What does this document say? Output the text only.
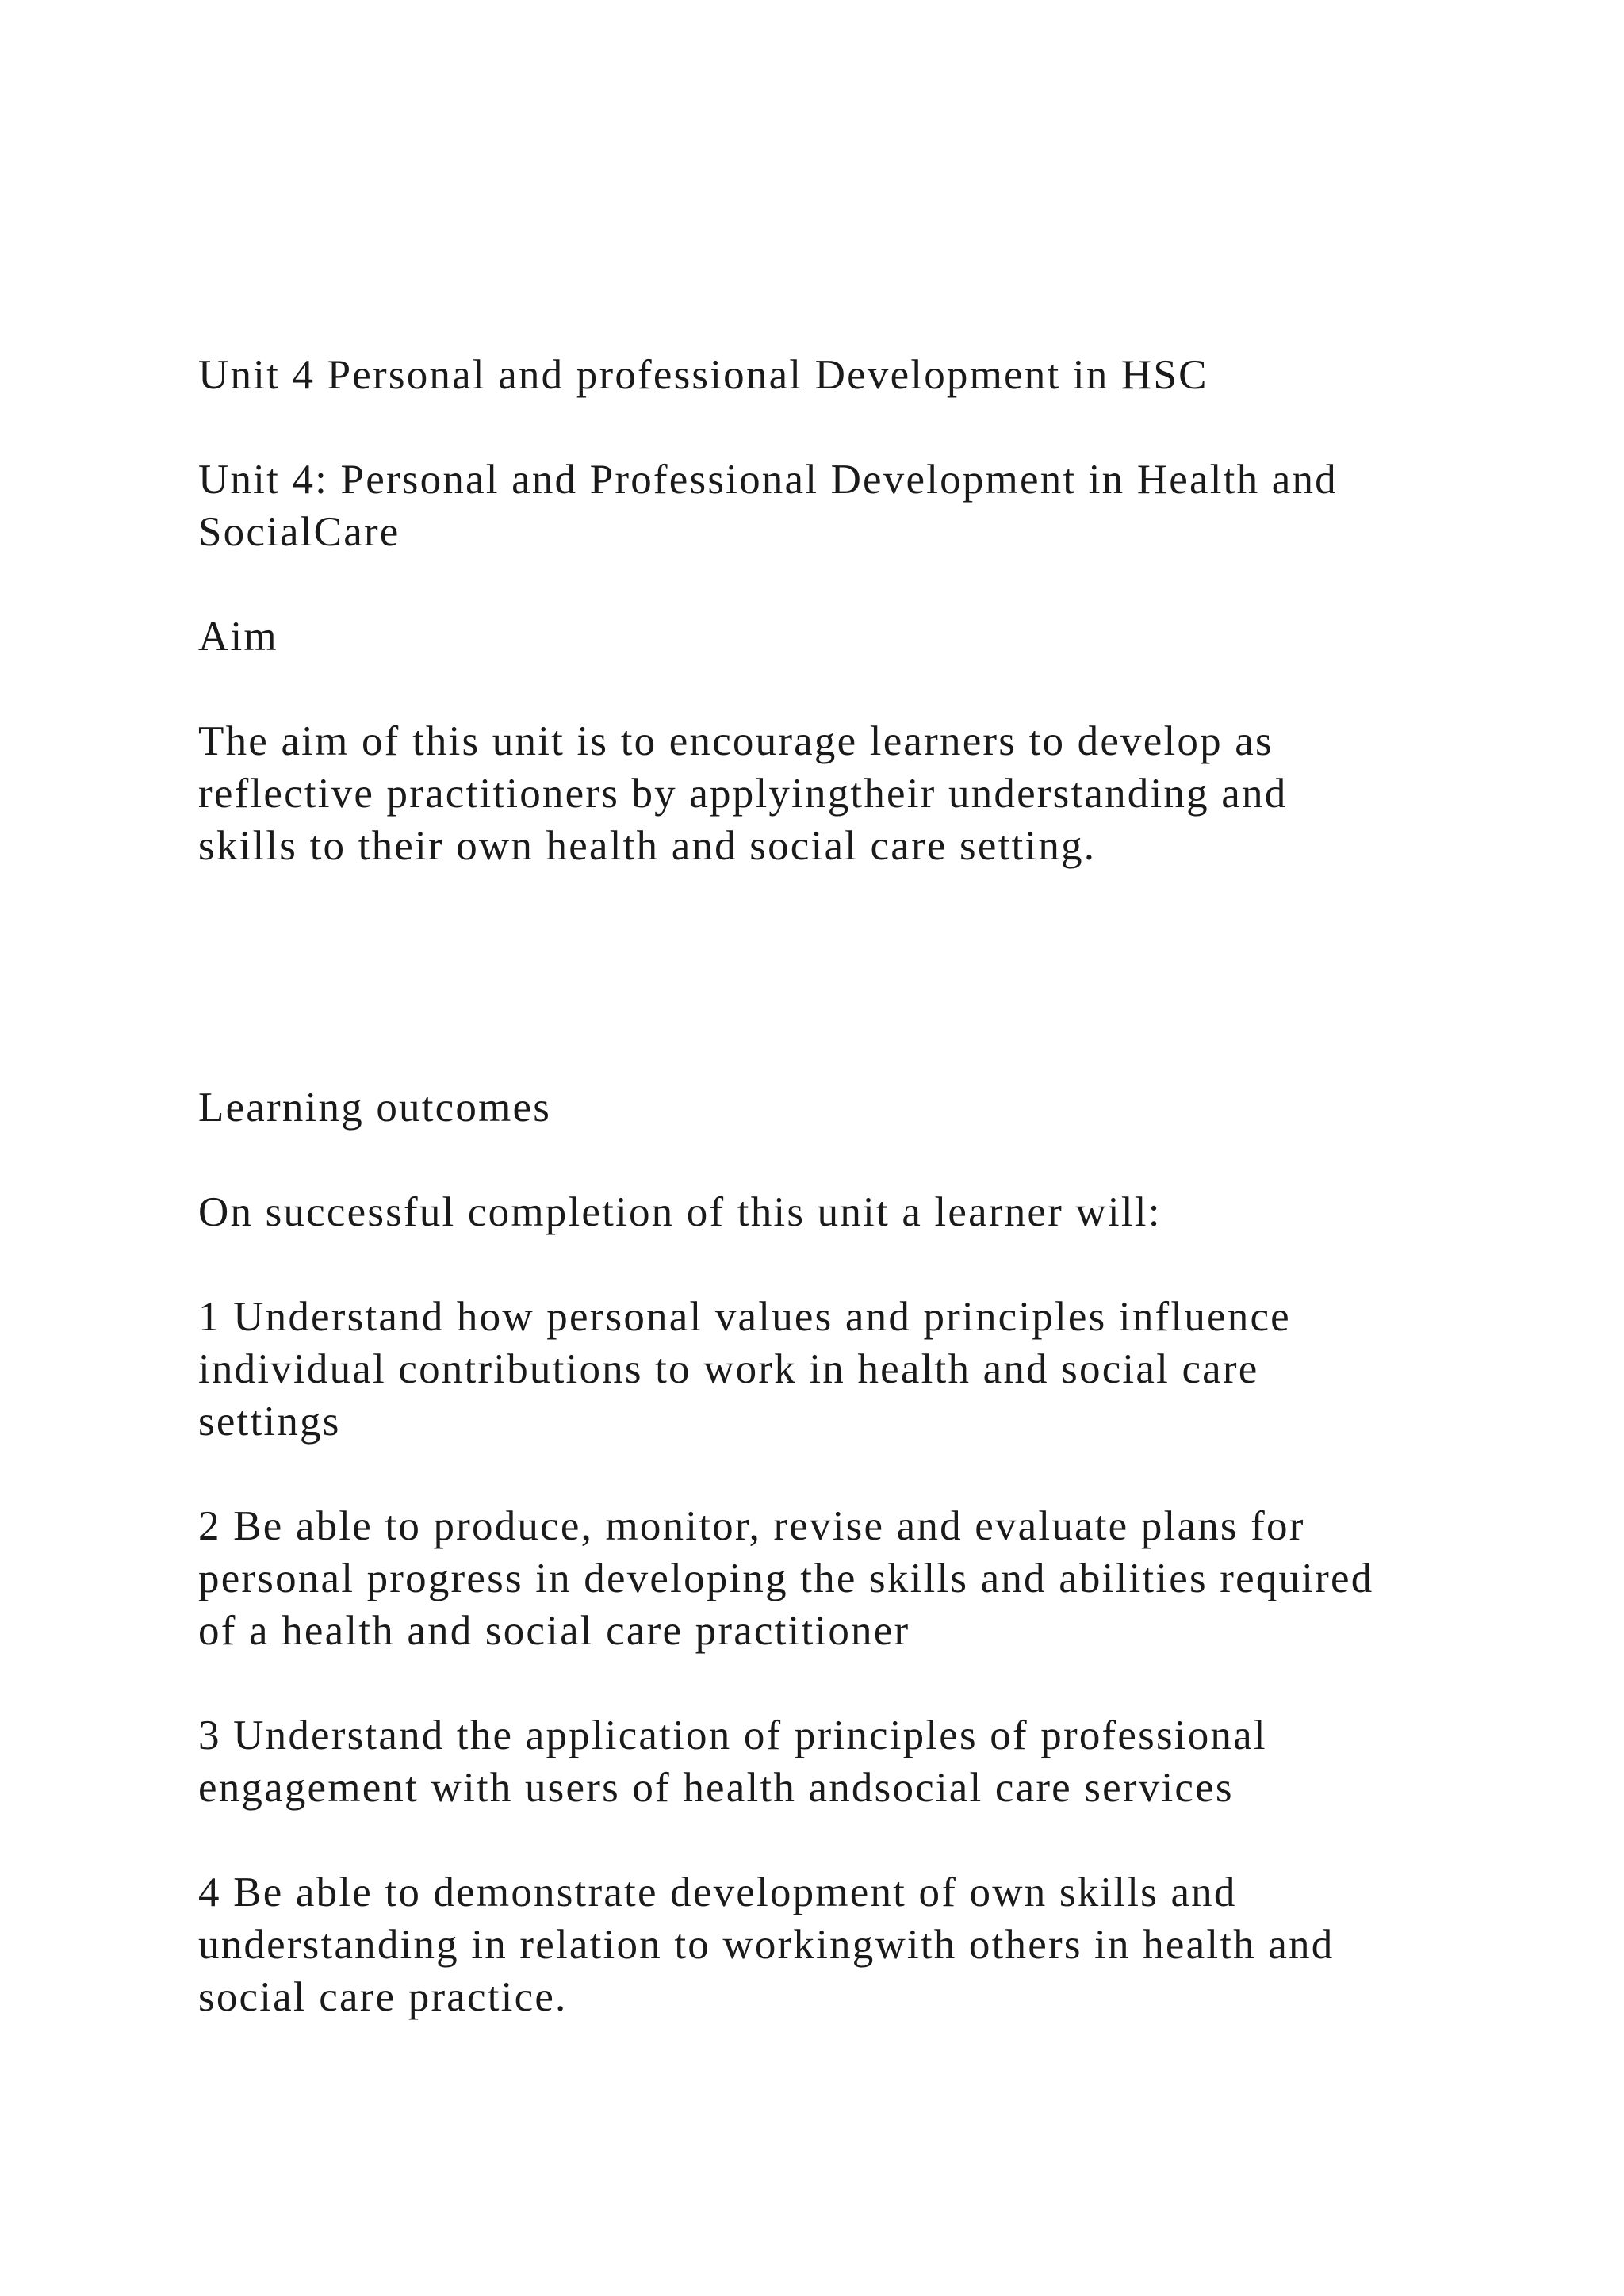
Unit 4 Personal and professional Development in HSC

Unit 4: Personal and Professional Development in Health and
SocialCare

Aim

The aim of this unit is to encourage learners to develop as
reflective practitioners by applyingtheir understanding and
skills to their own health and social care setting.

Learning outcomes

On successful completion of this unit a learner will:

1 Understand how personal values and principles influence
individual contributions to work in health and social care
settings

2 Be able to produce, monitor, revise and evaluate plans for
personal progress in developing the skills and abilities required
of a health and social care practitioner

3 Understand the application of principles of professional
engagement with users of health andsocial care services

4 Be able to demonstrate development of own skills and
understanding in relation to workingwith others in health and
social care practice.
